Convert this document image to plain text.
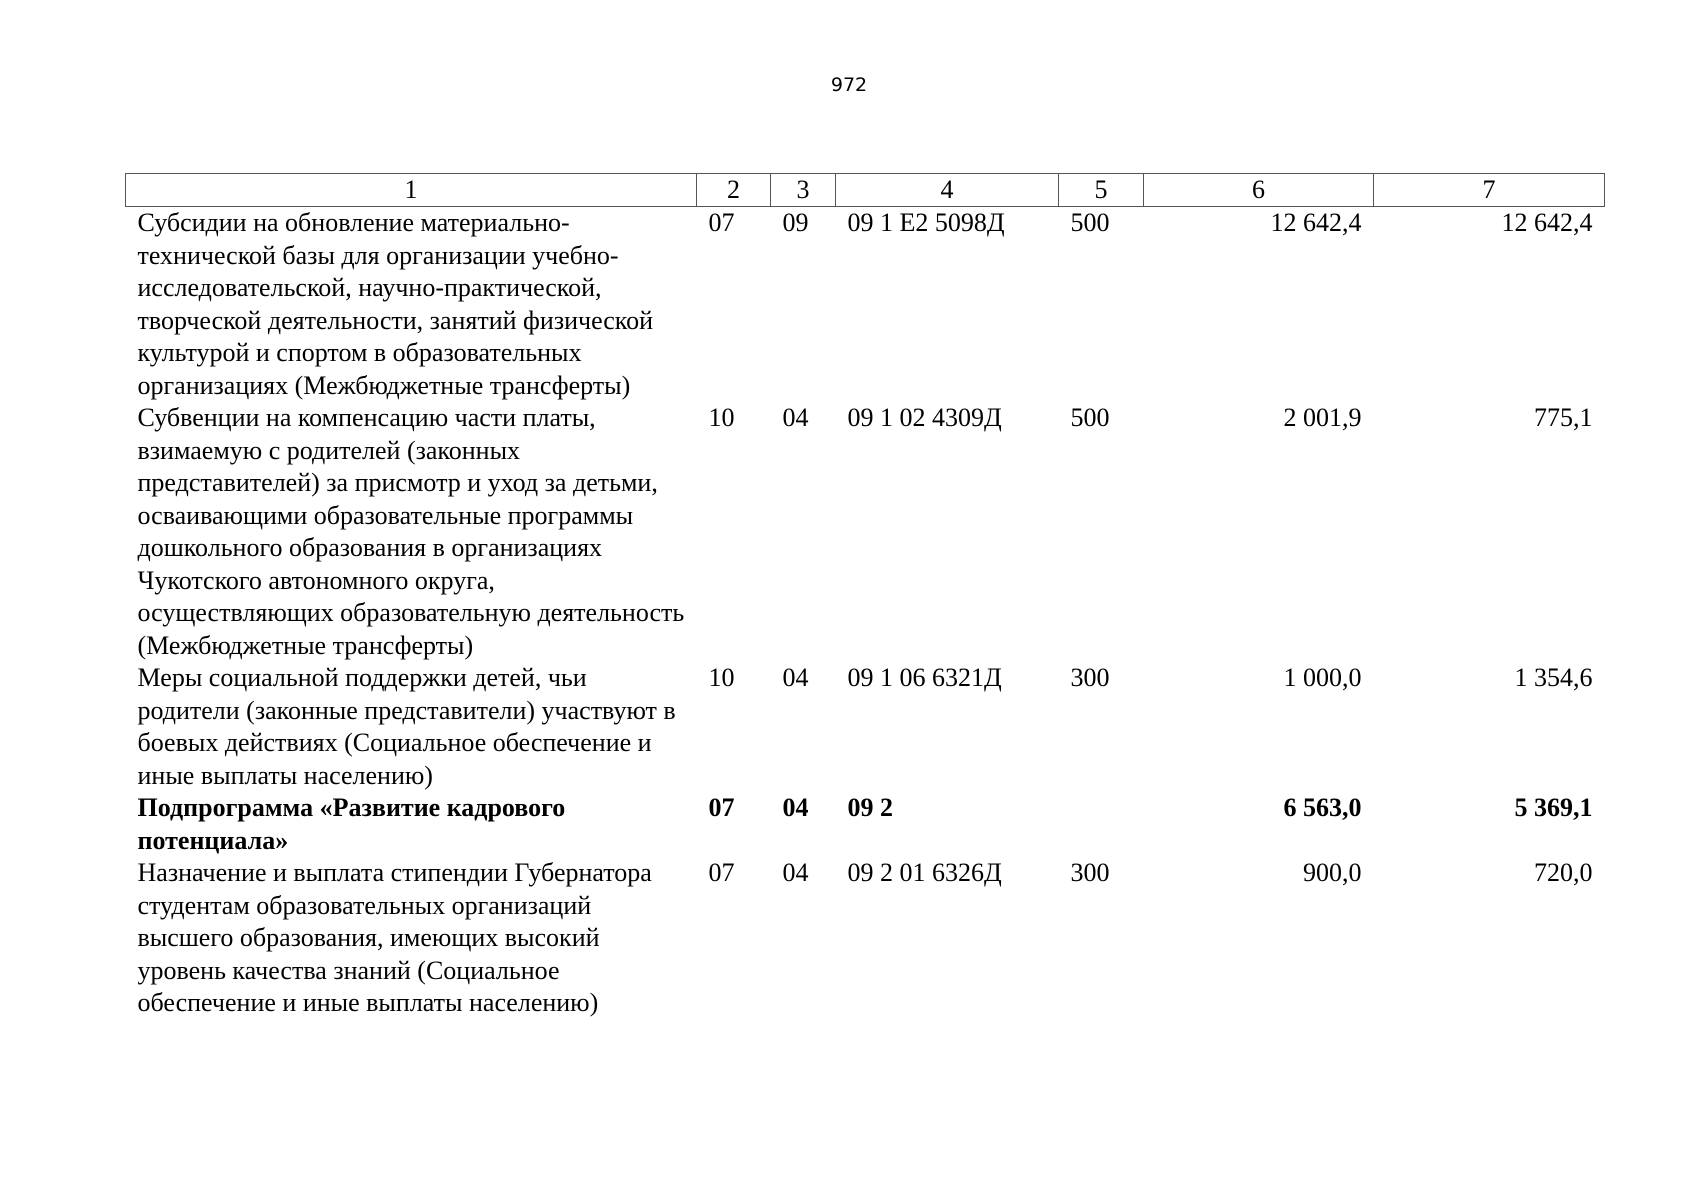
972
1	2	3	4	5	6	7
Субсидии на обновление материально-технической базы для организации учебно-исследовательской, научно-практической, творческой деятельности, занятий физической культурой и спортом в образовательных организациях (Межбюджетные трансферты)	07	09	09 1 Е2 5098Д	500	12 642,4	12 642,4
Субвенции на компенсацию части платы, взимаемую с родителей (законных представителей) за присмотр и уход за детьми, осваивающими образовательные программы дошкольного образования в организациях Чукотского автономного округа, осуществляющих образовательную деятельность (Межбюджетные трансферты)	10	04	09 1 02 4309Д	500	2 001,9	775,1
Меры социальной поддержки детей, чьи родители (законные представители) участвуют в боевых действиях (Социальное обеспечение и иные выплаты населению)	10	04	09 1 06 6321Д	300	1 000,0	1 354,6
Подпрограмма «Развитие кадрового потенциала»	07	04	09 2		6 563,0	5 369,1
Назначение и выплата стипендии Губернатора студентам образовательных организаций высшего образования, имеющих высокий уровень качества знаний (Социальное обеспечение и иные выплаты населению)	07	04	09 2 01 6326Д	300	900,0	720,0
